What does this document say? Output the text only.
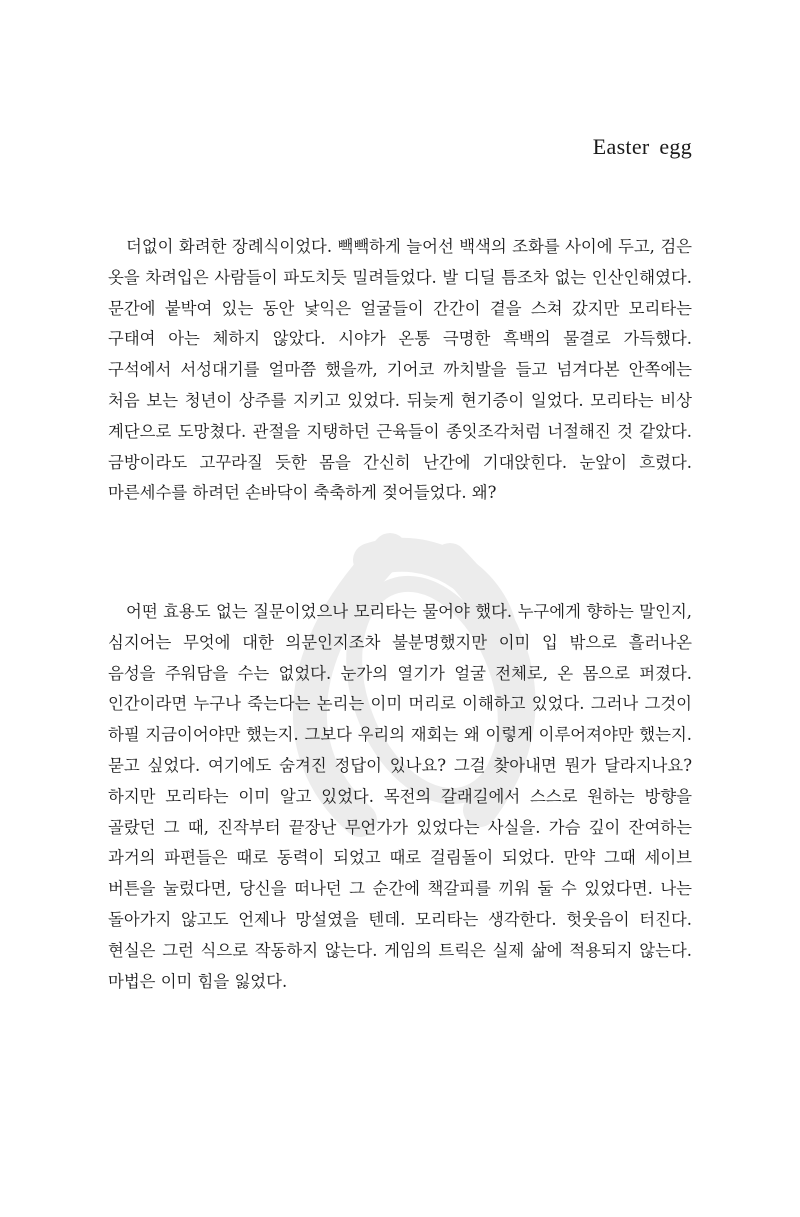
Easter egg

더없이 화려한 장례식이었다. 빽빽하게 늘어선 백색의 조화를 사이에 두고, 검은 옷을 차려입은 사람들이 파도치듯 밀려들었다. 발 디딜 틈조차 없는 인산인해였다. 문간에 붙박여 있는 동안 낯익은 얼굴들이 간간이 곁을 스쳐 갔지만 모리타는 구태여 아는 체하지 않았다. 시야가 온통 극명한 흑백의 물결로 가득했다. 구석에서 서성대기를 얼마쯤 했을까, 기어코 까치발을 들고 넘겨다본 안쪽에는 처음 보는 청년이 상주를 지키고 있었다. 뒤늦게 현기증이 일었다. 모리타는 비상 계단으로 도망쳤다. 관절을 지탱하던 근육들이 종잇조각처럼 너절해진 것 같았다. 금방이라도 고꾸라질 듯한 몸을 간신히 난간에 기대앉힌다. 눈앞이 흐렸다. 마른세수를 하려던 손바닥이 축축하게 젖어들었다. 왜?

어떤 효용도 없는 질문이었으나 모리타는 물어야 했다. 누구에게 향하는 말인지, 심지어는 무엇에 대한 의문인지조차 불분명했지만 이미 입 밖으로 흘러나온 음성을 주워담을 수는 없었다. 눈가의 열기가 얼굴 전체로, 온 몸으로 퍼졌다. 인간이라면 누구나 죽는다는 논리는 이미 머리로 이해하고 있었다. 그러나 그것이 하필 지금이어야만 했는지. 그보다 우리의 재회는 왜 이렇게 이루어져야만 했는지. 묻고 싶었다. 여기에도 숨겨진 정답이 있나요? 그걸 찾아내면 뭔가 달라지나요? 하지만 모리타는 이미 알고 있었다. 목전의 갈래길에서 스스로 원하는 방향을 골랐던 그 때, 진작부터 끝장난 무언가가 있었다는 사실을. 가슴 깊이 잔여하는 과거의 파편들은 때로 동력이 되었고 때로 걸림돌이 되었다. 만약 그때 세이브 버튼을 눌렀다면, 당신을 떠나던 그 순간에 책갈피를 끼워 둘 수 있었다면. 나는 돌아가지 않고도 언제나 망설였을 텐데. 모리타는 생각한다. 헛웃음이 터진다. 현실은 그런 식으로 작동하지 않는다. 게임의 트릭은 실제 삶에 적용되지 않는다. 마법은 이미 힘을 잃었다.
